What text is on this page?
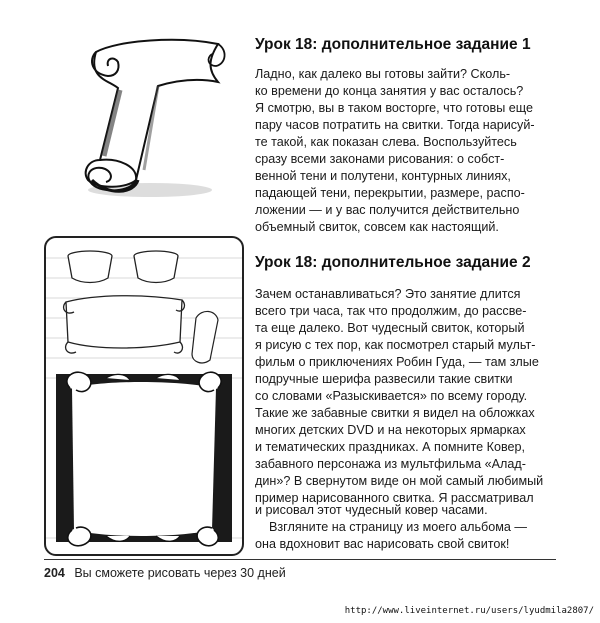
Урок 18: дополнительное задание 1

Ладно, как далеко вы готовы зайти? Сколь-
ко времени до конца занятия у вас осталось?
Я смотрю, вы в таком восторге, что готовы еще
пару часов потратить на свитки. Тогда нарисуй-
те такой, как показан слева. Воспользуйтесь
сразу всеми законами рисования: о собст-
венной тени и полутени, контурных линиях,
падающей тени, перекрытии, размере, распо-
ложении — и у вас получится действительно
объемный свиток, совсем как настоящий.

Урок 18: дополнительное задание 2

Зачем останавливаться? Это занятие длится
всего три часа, так что продолжим, до рассве-
та еще далеко. Вот чудесный свиток, который
я рисую с тех пор, как посмотрел старый мульт-
фильм о приключениях Робин Гуда, — там злые
подручные шерифа развесили такие свитки
со словами «Разыскивается» по всему городу.
Такие же забавные свитки я видел на обложках
многих детских DVD и на некоторых ярмарках
и тематических праздниках. А помните Ковер,
забавного персонажа из мультфильма «Алад-
дин»? В свернутом виде он мой самый любимый
пример нарисованного свитка. Я рассматривал

и рисовал этот чудесный ковер часами.
Взгляните на страницу из моего альбома —
она вдохновит вас нарисовать свой свиток!

204 Вы сможете рисовать через 30 дней
http://www.liveinternet.ru/users/lyudmila2807/
